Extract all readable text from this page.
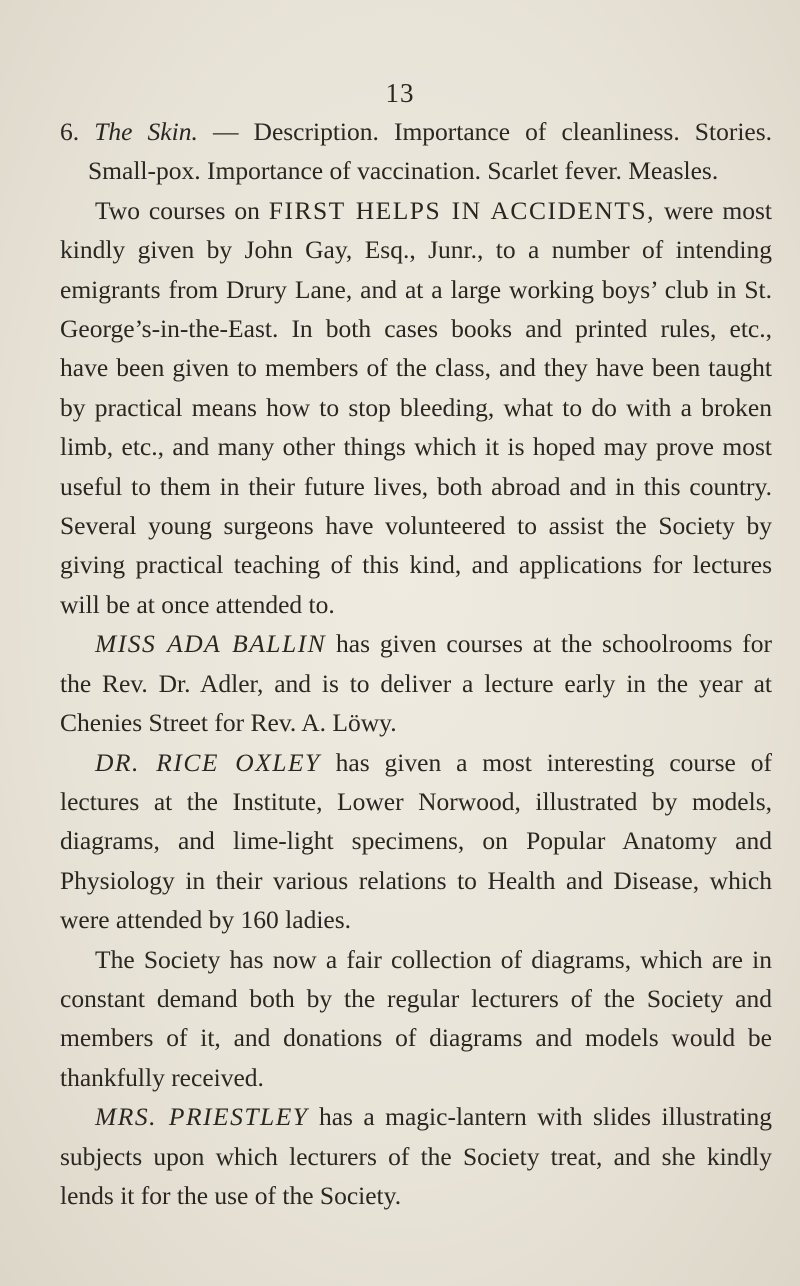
13

6. The Skin. — Description. Importance of cleanliness. Stories. Small-pox. Importance of vaccination. Scarlet fever. Measles.

Two courses on FIRST HELPS IN ACCIDENTS, were most kindly given by John Gay, Esq., Junr., to a number of intending emigrants from Drury Lane, and at a large working boys’ club in St. George’s-in-the-East. In both cases books and printed rules, etc., have been given to members of the class, and they have been taught by practical means how to stop bleeding, what to do with a broken limb, etc., and many other things which it is hoped may prove most useful to them in their future lives, both abroad and in this country. Several young surgeons have volunteered to assist the Society by giving practical teaching of this kind, and applications for lectures will be at once attended to.

MISS ADA BALLIN has given courses at the schoolrooms for the Rev. Dr. Adler, and is to deliver a lecture early in the year at Chenies Street for Rev. A. Löwy.

DR. RICE OXLEY has given a most interesting course of lectures at the Institute, Lower Norwood, illustrated by models, diagrams, and lime-light specimens, on Popular Anatomy and Physiology in their various relations to Health and Disease, which were attended by 160 ladies.

The Society has now a fair collection of diagrams, which are in constant demand both by the regular lecturers of the Society and members of it, and donations of diagrams and models would be thankfully received.

MRS. PRIESTLEY has a magic-lantern with slides illustrating subjects upon which lecturers of the Society treat, and she kindly lends it for the use of the Society.
